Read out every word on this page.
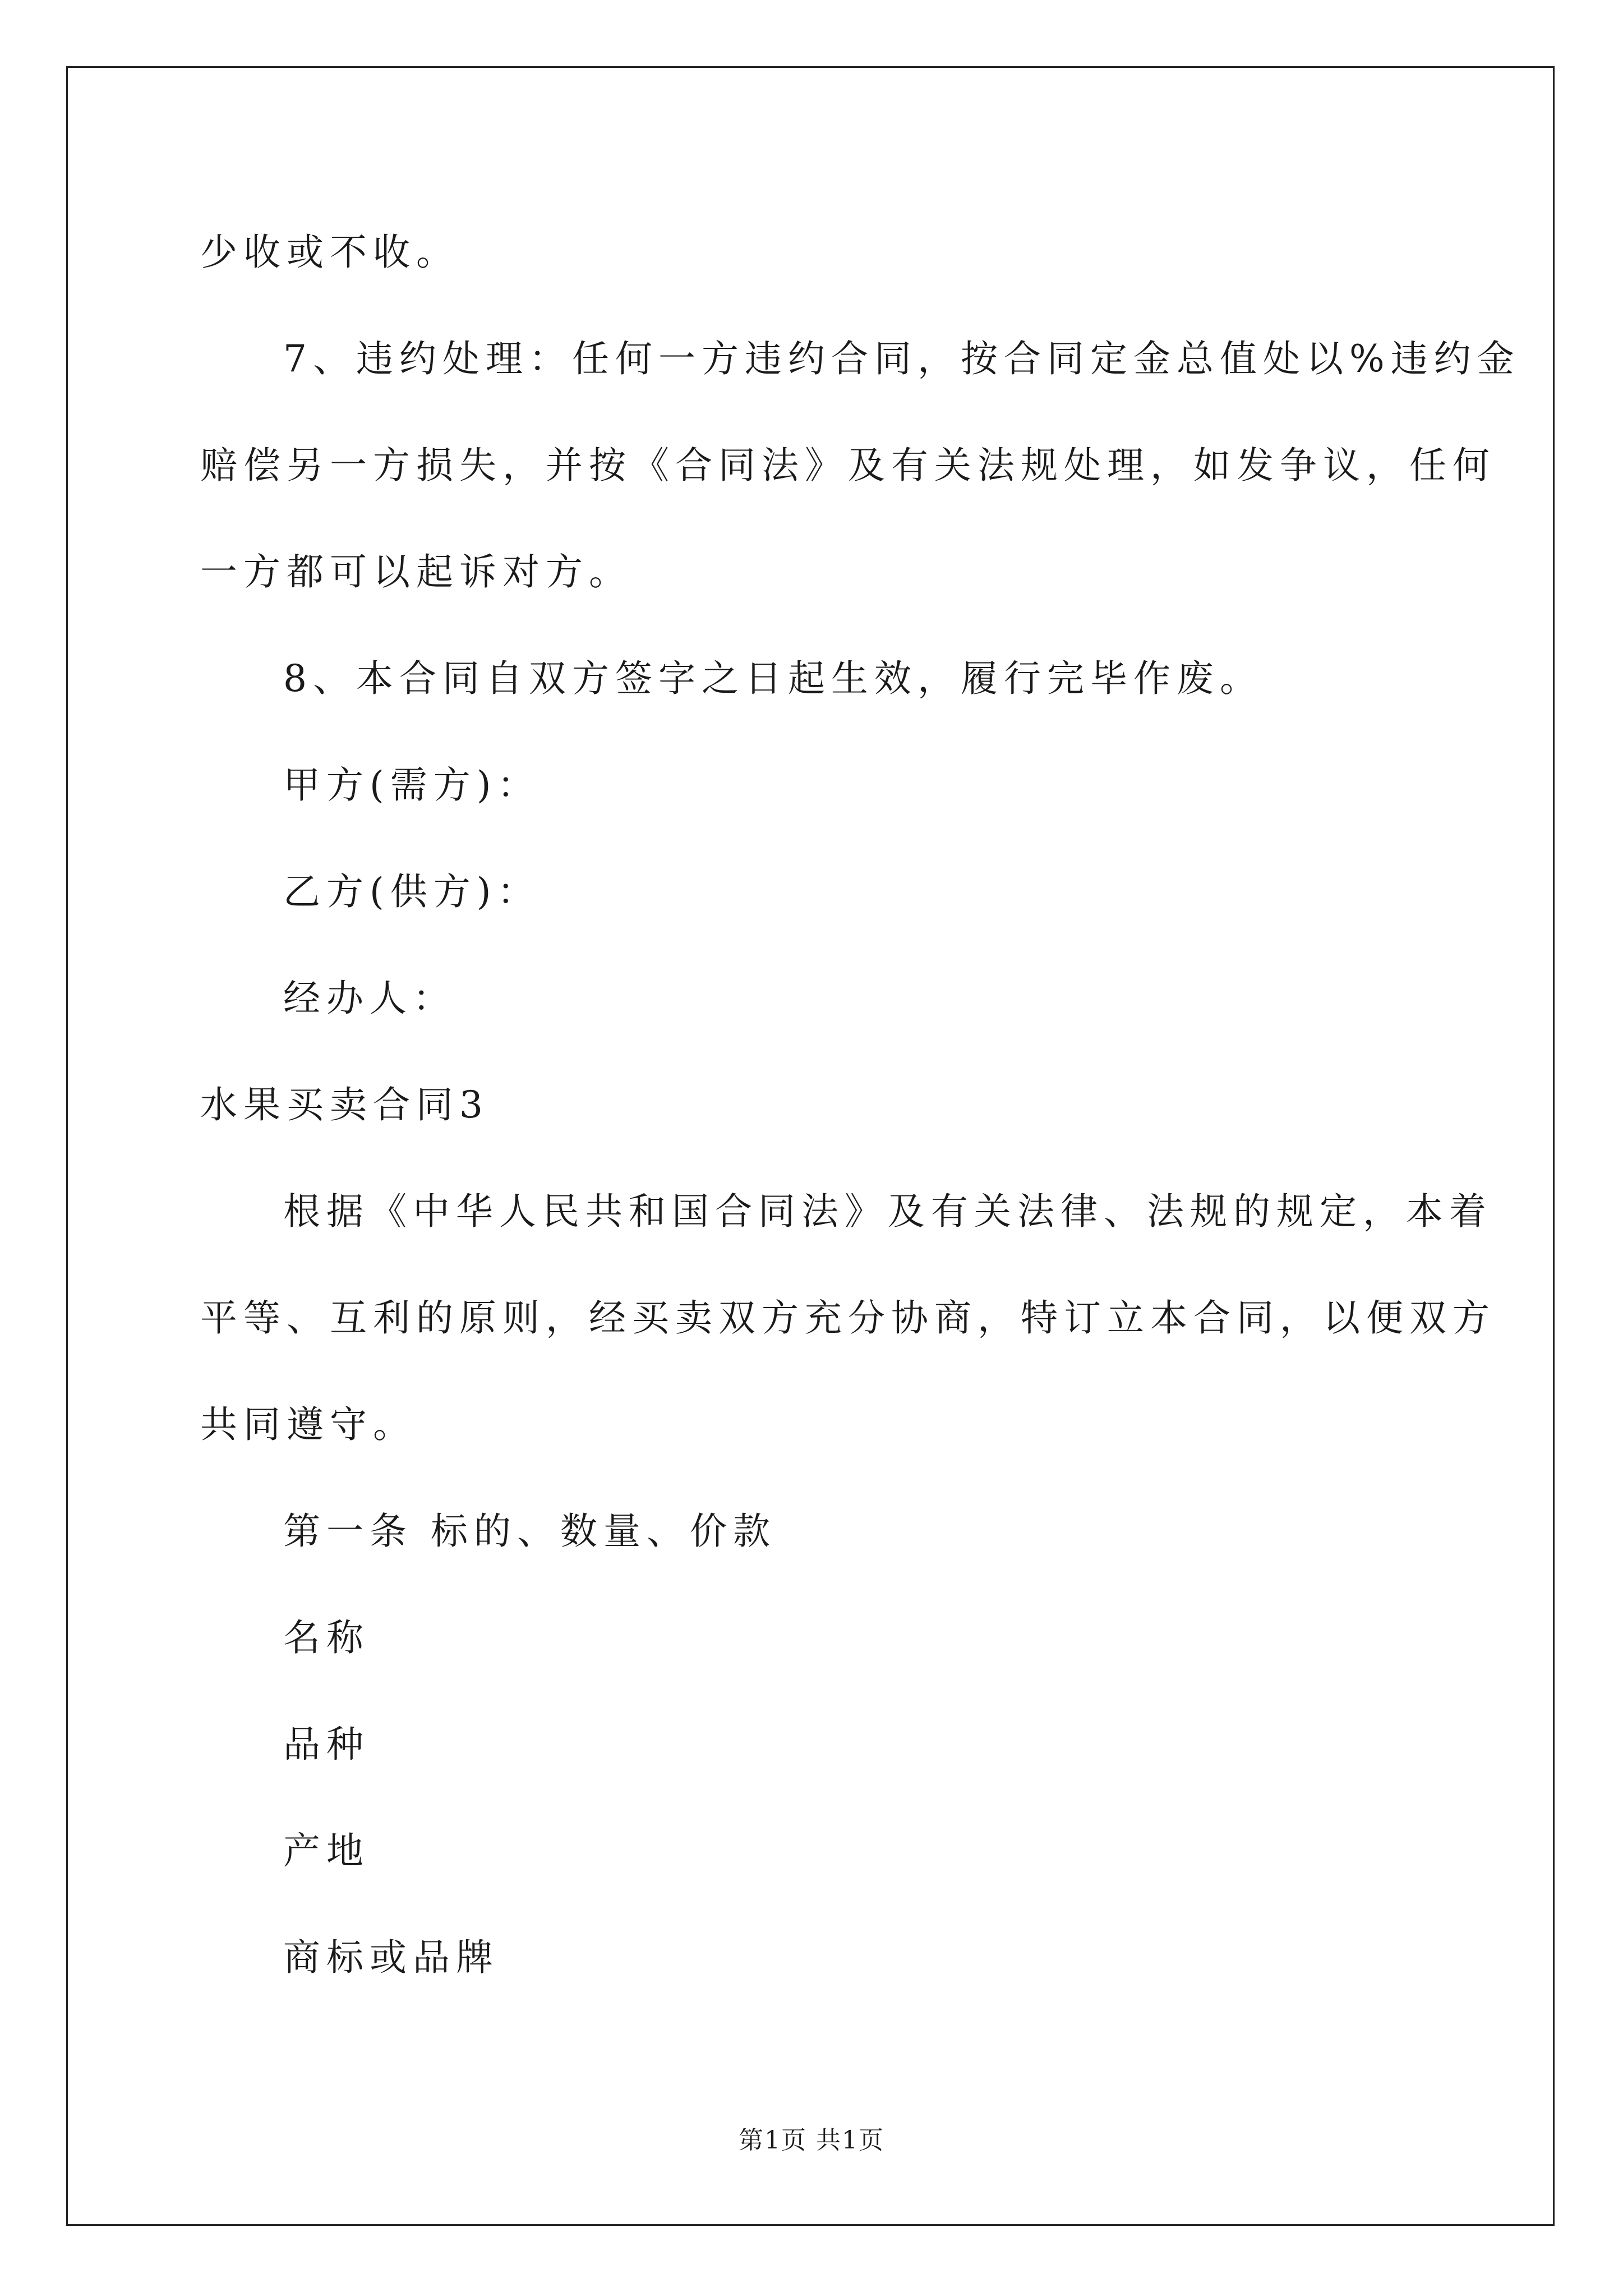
少收或不收。
7、违约处理：任何一方违约合同，按合同定金总值处以%违约金
赔偿另一方损失，并按《合同法》及有关法规处理，如发争议，任何
一方都可以起诉对方。
8、本合同自双方签字之日起生效，履行完毕作废。
甲方(需方)：
乙方(供方)：
经办人：
水果买卖合同3
根据《中华人民共和国合同法》及有关法律、法规的规定，本着
平等、互利的原则，经买卖双方充分协商，特订立本合同，以便双方
共同遵守。
第一条 标的、数量、价款
名称
品种
产地
商标或品牌
第1页 共1页
